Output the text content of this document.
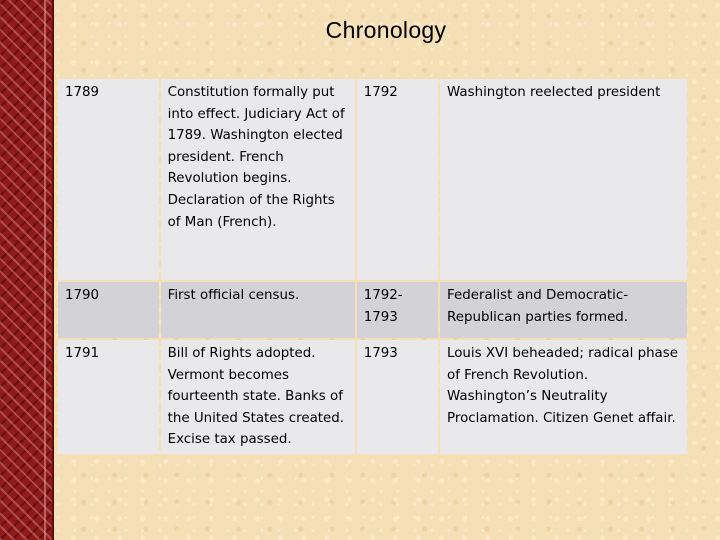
Chronology
1789	Constitution formally put into effect. Judiciary Act of 1789. Washington elected president. French Revolution begins. Declaration of the Rights of Man (French).	1792	Washington reelected president
1790	First official census.	1792-1793	Federalist and Democratic-Republican parties formed.
1791	Bill of Rights adopted. Vermont becomes fourteenth state. Banks of the United States created. Excise tax passed.	1793	Louis XVI beheaded; radical phase of French Revolution. Washington’s Neutrality Proclamation. Citizen Genet affair.
